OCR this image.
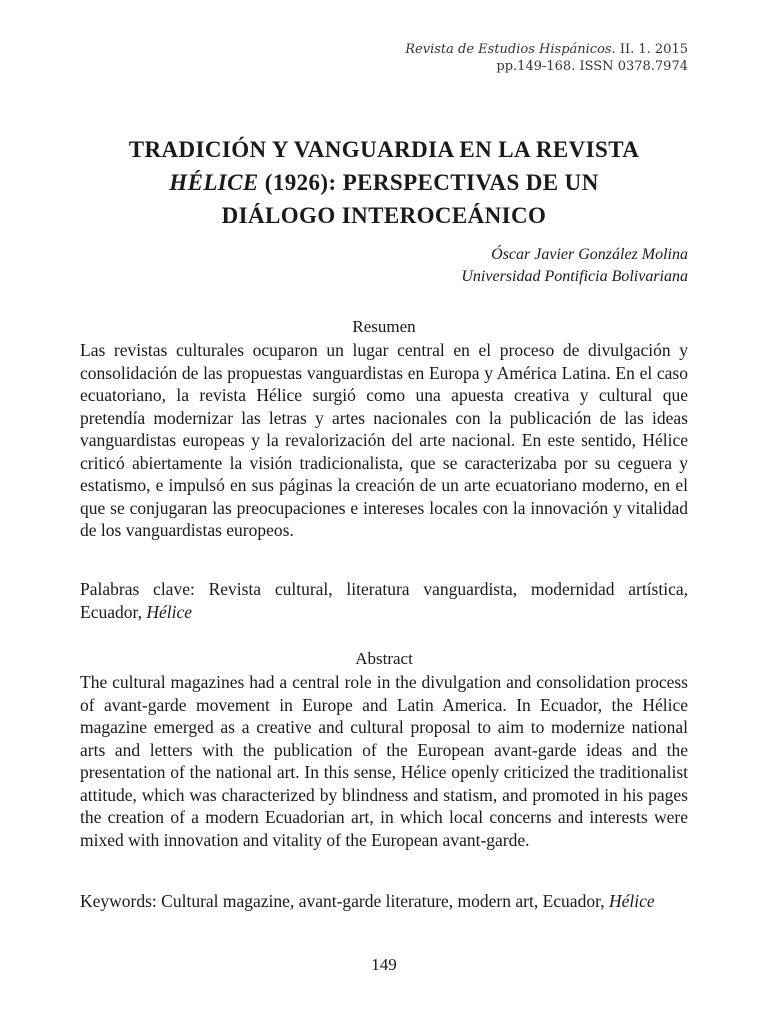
Revista de Estudios Hispánicos. II. 1. 2015
pp.149-168. ISSN 0378.7974
TRADICIÓN Y VANGUARDIA EN LA REVISTA
HÉLICE (1926): PERSPECTIVAS DE UN
DIÁLOGO INTEROCEÁNICO
Óscar Javier González Molina
Universidad Pontificia Bolivariana
Resumen

Las revistas culturales ocuparon un lugar central en el proceso de divulgación y consolidación de las propuestas vanguardistas en Europa y América Latina. En el caso ecuatoriano, la revista Hélice surgió como una apuesta creativa y cultural que pretendía modernizar las letras y artes nacionales con la publicación de las ideas vanguardistas europeas y la revalorización del arte nacional. En este sentido, Hélice criticó abiertamente la visión tradicionalista, que se caracterizaba por su ceguera y estatismo, e impulsó en sus páginas la creación de un arte ecuatoriano moderno, en el que se conjugaran las preocupaciones e intereses locales con la innovación y vitalidad de los vanguardistas europeos.

Palabras clave: Revista cultural, literatura vanguardista, modernidad artística, Ecuador, Hélice

Abstract

The cultural magazines had a central role in the divulgation and consolidation process of avant-garde movement in Europe and Latin America. In Ecuador, the Hélice magazine emerged as a creative and cultural proposal to aim to modernize national arts and letters with the publication of the European avant-garde ideas and the presentation of the national art. In this sense, Hélice openly criticized the traditionalist attitude, which was characterized by blindness and statism, and promoted in his pages the creation of a modern Ecuadorian art, in which local concerns and interests were mixed with innovation and vitality of the European avant-garde.

Keywords: Cultural magazine, avant-garde literature, modern art, Ecuador, Hélice

149
